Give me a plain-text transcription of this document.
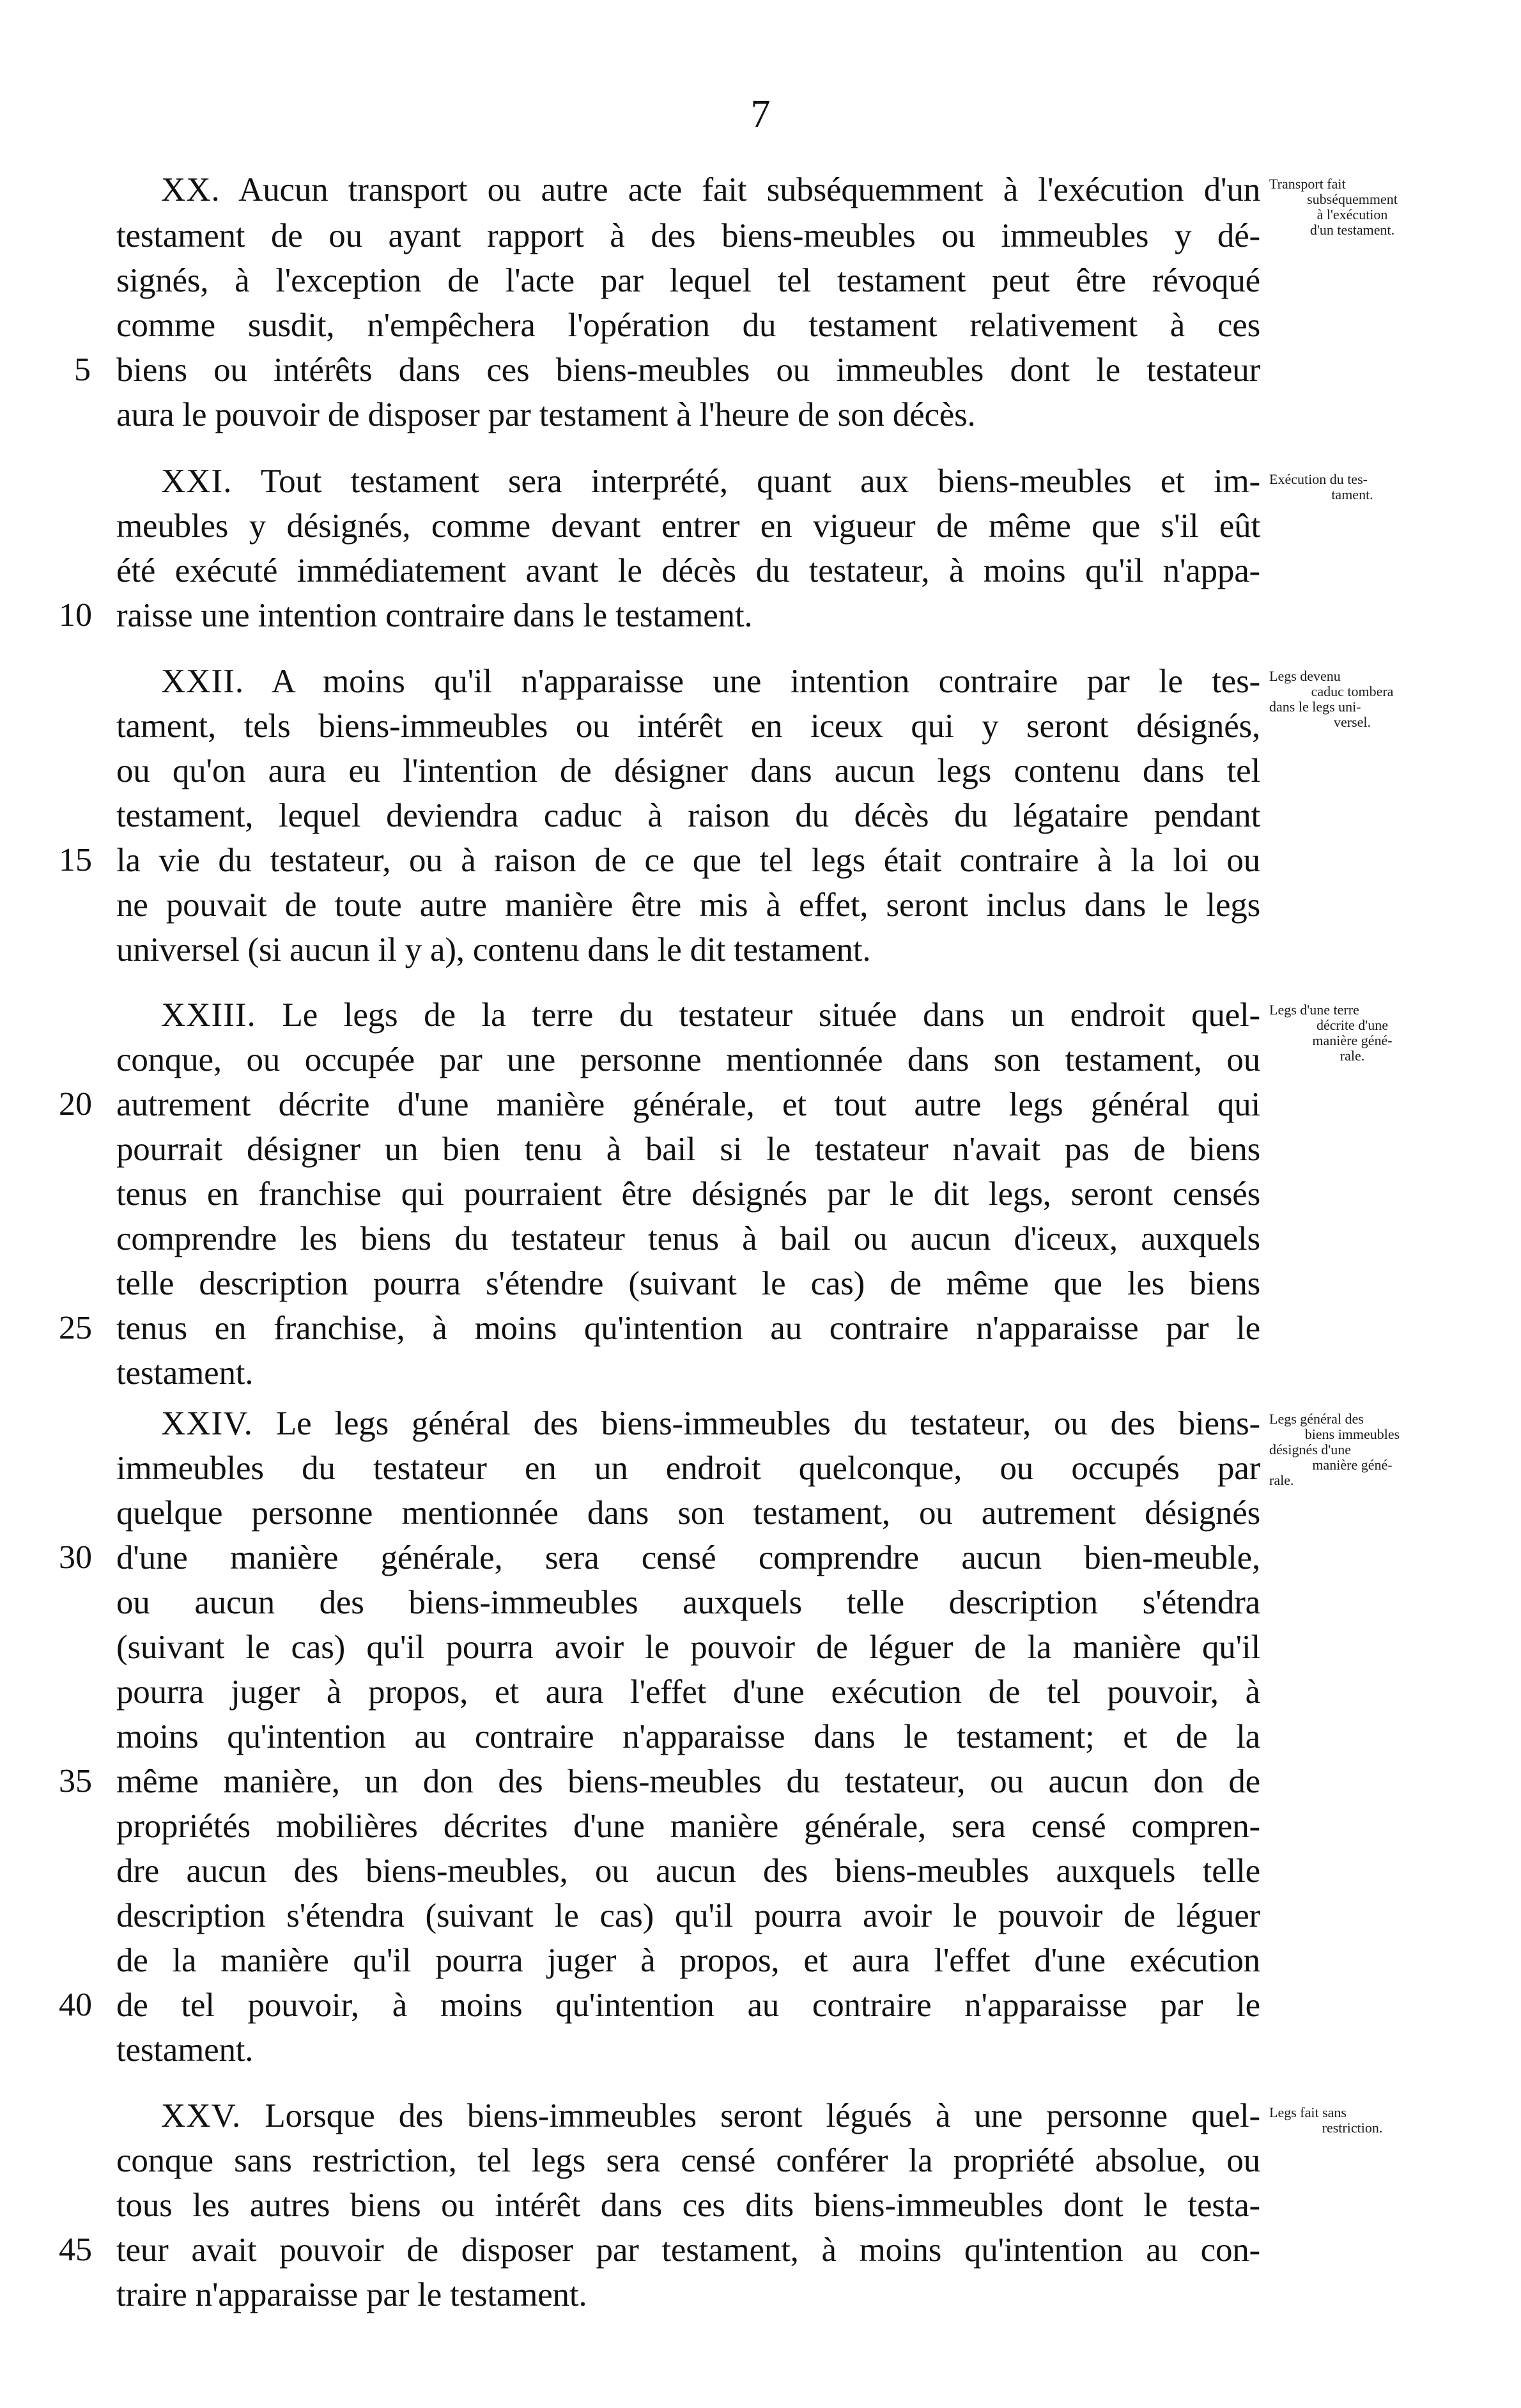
7
XX. Aucun transport ou autre acte fait subséquemment à l'exécution d'un
testament de ou ayant rapport à des biens-meubles ou immeubles y dé-
signés, à l'exception de l'acte par lequel tel testament peut être révoqué
comme susdit, n'empêchera l'opération du testament relativement à ces
biens ou intérêts dans ces biens-meubles ou immeubles dont le testateur
aura le pouvoir de disposer par testament à l'heure de son décès.
Transport fait
subséquemment
à l'exécution
d'un testament.
XXI. Tout testament sera interprété, quant aux biens-meubles et im-
meubles y désignés, comme devant entrer en vigueur de même que s'il eût
été exécuté immédiatement avant le décès du testateur, à moins qu'il n'appa-
raisse une intention contraire dans le testament.
Exécution du tes-
tament.
XXII. A moins qu'il n'apparaisse une intention contraire par le tes-
tament, tels biens-immeubles ou intérêt en iceux qui y seront désignés,
ou qu'on aura eu l'intention de désigner dans aucun legs contenu dans tel
testament, lequel deviendra caduc à raison du décès du légataire pendant
la vie du testateur, ou à raison de ce que tel legs était contraire à la loi ou
ne pouvait de toute autre manière être mis à effet, seront inclus dans le legs
universel (si aucun il y a), contenu dans le dit testament.
Legs devenu
caduc tombera
dans le legs uni-
versel.
XXIII. Le legs de la terre du testateur située dans un endroit quel-
conque, ou occupée par une personne mentionnée dans son testament, ou
autrement décrite d'une manière générale, et tout autre legs général qui
pourrait désigner un bien tenu à bail si le testateur n'avait pas de biens
tenus en franchise qui pourraient être désignés par le dit legs, seront censés
comprendre les biens du testateur tenus à bail ou aucun d'iceux, auxquels
telle description pourra s'étendre (suivant le cas) de même que les biens
tenus en franchise, à moins qu'intention au contraire n'apparaisse par le
testament.
Legs d'une terre
décrite d'une
manière géné-
rale.
XXIV. Le legs général des biens-immeubles du testateur, ou des biens-
immeubles du testateur en un endroit quelconque, ou occupés par
quelque personne mentionnée dans son testament, ou autrement désignés
d'une manière générale, sera censé comprendre aucun bien-meuble,
ou aucun des biens-immeubles auxquels telle description s'étendra
(suivant le cas) qu'il pourra avoir le pouvoir de léguer de la manière qu'il
pourra juger à propos, et aura l'effet d'une exécution de tel pouvoir, à
moins qu'intention au contraire n'apparaisse dans le testament; et de la
même manière, un don des biens-meubles du testateur, ou aucun don de
propriétés mobilières décrites d'une manière générale, sera censé compren-
dre aucun des biens-meubles, ou aucun des biens-meubles auxquels telle
description s'étendra (suivant le cas) qu'il pourra avoir le pouvoir de léguer
de la manière qu'il pourra juger à propos, et aura l'effet d'une exécution
de tel pouvoir, à moins qu'intention au contraire n'apparaisse par le
testament.
Legs général des
biens immeubles
désignés d'une
manière géné-
rale.
XXV. Lorsque des biens-immeubles seront légués à une personne quel-
conque sans restriction, tel legs sera censé conférer la propriété absolue, ou
tous les autres biens ou intérêt dans ces dits biens-immeubles dont le testa-
teur avait pouvoir de disposer par testament, à moins qu'intention au con-
traire n'apparaisse par le testament.
Legs fait sans
restriction.
5
10
15
20
25
30
35
40
45
